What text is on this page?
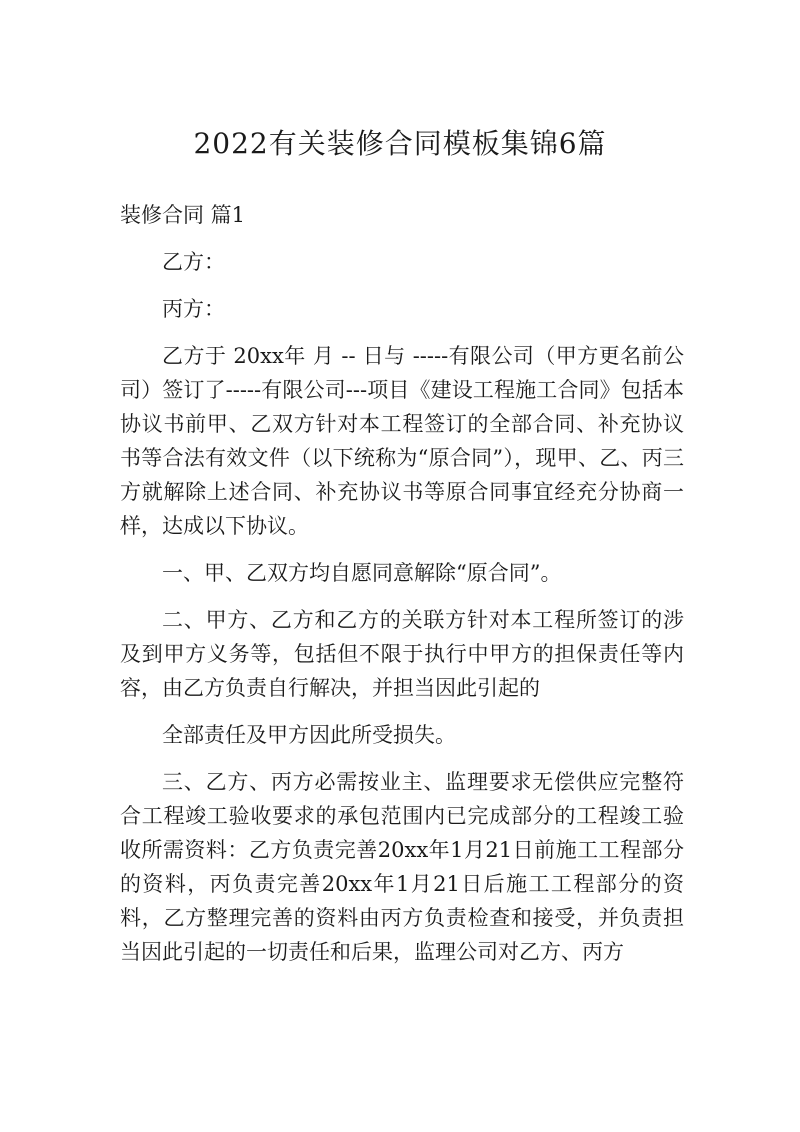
2022有关装修合同模板集锦6篇

装修合同 篇1

乙方：

丙方：

乙方于 20xx年 月 -- 日与 -----有限公司（甲方更名前公司）签订了-----有限公司---项目《建设工程施工合同》包括本协议书前甲、乙双方针对本工程签订的全部合同、补充协议书等合法有效文件（以下统称为“原合同”），现甲、乙、丙三方就解除上述合同、补充协议书等原合同事宜经充分协商一样，达成以下协议。

一、甲、乙双方均自愿同意解除“原合同”。

二、甲方、乙方和乙方的关联方针对本工程所签订的涉及到甲方义务等，包括但不限于执行中甲方的担保责任等内容，由乙方负责自行解决，并担当因此引起的

全部责任及甲方因此所受损失。

三、乙方、丙方必需按业主、监理要求无偿供应完整符合工程竣工验收要求的承包范围内已完成部分的工程竣工验收所需资料：乙方负责完善20xx年1月21日前施工工程部分的资料，丙负责完善20xx年1月21日后施工工程部分的资料，乙方整理完善的资料由丙方负责检查和接受，并负责担当因此引起的一切责任和后果，监理公司对乙方、丙方
